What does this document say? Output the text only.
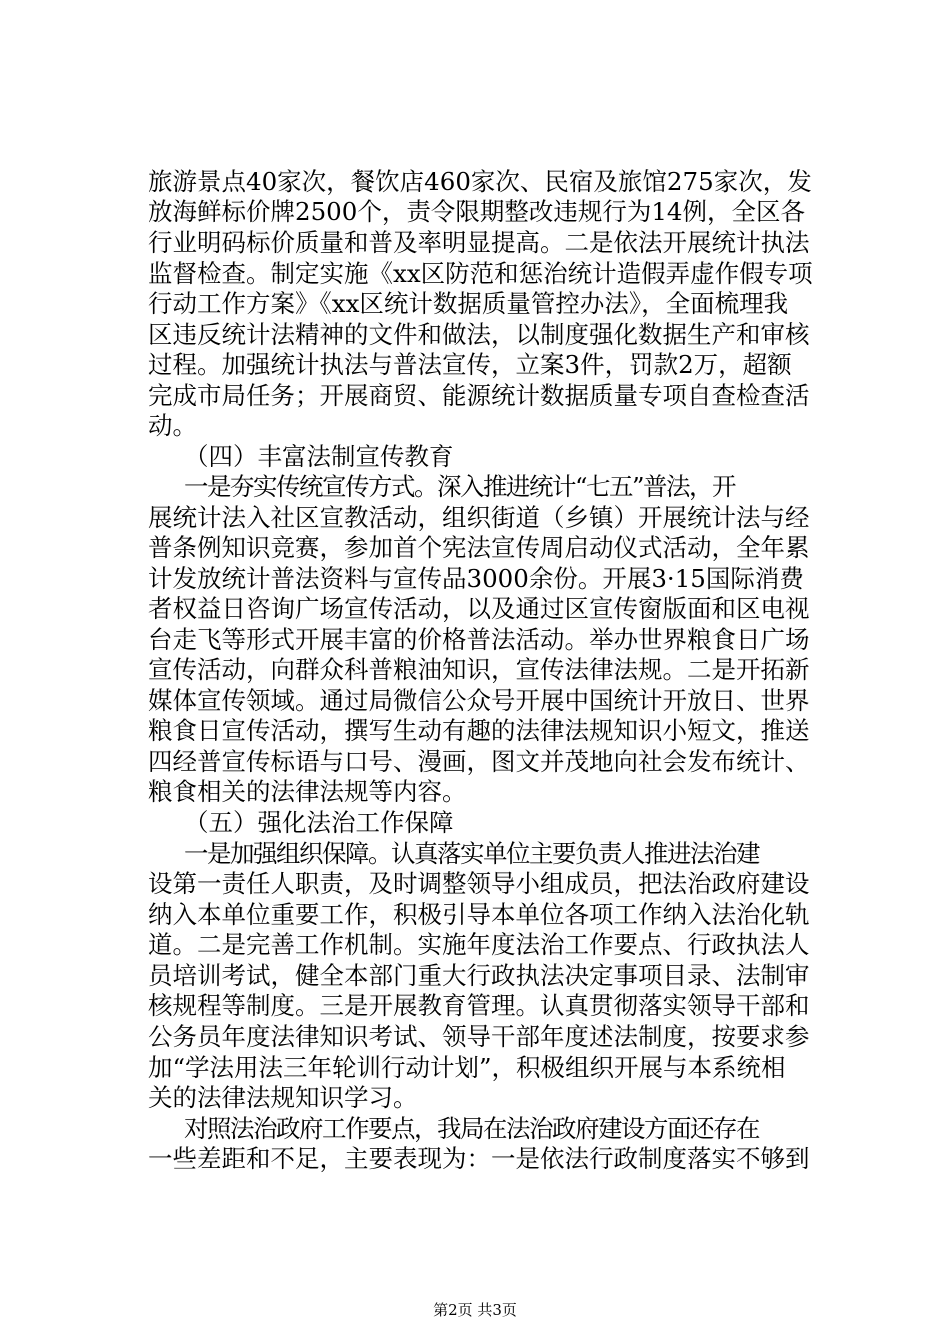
旅游景点40家次，餐饮店460家次、民宿及旅馆275家次，发
放海鲜标价牌2500个，责令限期整改违规行为14例，全区各
行业明码标价质量和普及率明显提高。二是依法开展统计执法
监督检查。制定实施《xx区防范和惩治统计造假弄虚作假专项
行动工作方案》《xx区统计数据质量管控办法》，全面梳理我
区违反统计法精神的文件和做法，以制度强化数据生产和审核
过程。加强统计执法与普法宣传，立案3件，罚款2万，超额
完成市局任务；开展商贸、能源统计数据质量专项自查检查活
动。
（四）丰富法制宣传教育
一是夯实传统宣传方式。深入推进统计“七五”普法，开
展统计法入社区宣教活动，组织街道（乡镇）开展统计法与经
普条例知识竞赛，参加首个宪法宣传周启动仪式活动，全年累
计发放统计普法资料与宣传品3000余份。开展3·15国际消费
者权益日咨询广场宣传活动，以及通过区宣传窗版面和区电视
台走飞等形式开展丰富的价格普法活动。举办世界粮食日广场
宣传活动，向群众科普粮油知识，宣传法律法规。二是开拓新
媒体宣传领域。通过局微信公众号开展中国统计开放日、世界
粮食日宣传活动，撰写生动有趣的法律法规知识小短文，推送
四经普宣传标语与口号、漫画，图文并茂地向社会发布统计、
粮食相关的法律法规等内容。
（五）强化法治工作保障
一是加强组织保障。认真落实单位主要负责人推进法治建
设第一责任人职责，及时调整领导小组成员，把法治政府建设
纳入本单位重要工作，积极引导本单位各项工作纳入法治化轨
道。二是完善工作机制。实施年度法治工作要点、行政执法人
员培训考试，健全本部门重大行政执法决定事项目录、法制审
核规程等制度。三是开展教育管理。认真贯彻落实领导干部和
公务员年度法律知识考试、领导干部年度述法制度，按要求参
加“学法用法三年轮训行动计划”，积极组织开展与本系统相
关的法律法规知识学习。
对照法治政府工作要点，我局在法治政府建设方面还存在
一些差距和不足，主要表现为：一是依法行政制度落实不够到
第2页 共3页
